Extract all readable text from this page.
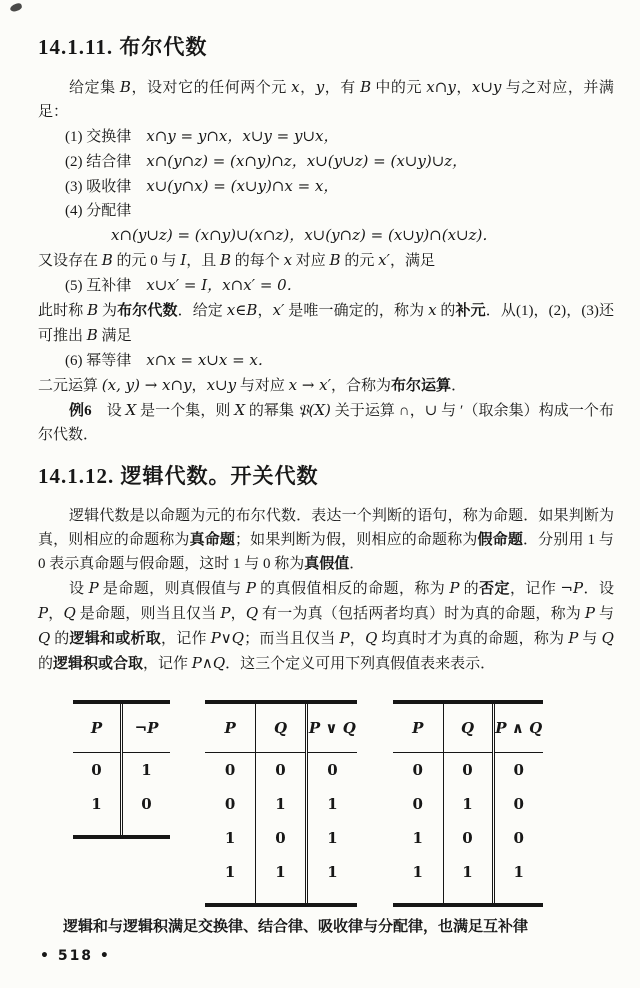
14.1.11. 布尔代数

给定集 B，设对它的任何两个元 x，y，有 B 中的元 x∩y，x∪y 与之对应，并满足：

(1) 交换律　x∩y = y∩x，x∪y = y∪x，

(2) 结合律　x∩(y∩z) = (x∩y)∩z，x∪(y∪z) = (x∪y)∪z，

(3) 吸收律　x∪(y∩x) = (x∪y)∩x = x，

(4) 分配律

x∩(y∪z) = (x∩y)∪(x∩z)，x∪(y∩z) = (x∪y)∩(x∪z)．

又设存在 B 的元 0 与 I，且 B 的每个 x 对应 B 的元 x′，满足

(5) 互补律　x∪x′ = I，x∩x′ = 0．

此时称 B 为布尔代数．给定 x∈B，x′ 是唯一确定的，称为 x 的补元．从(1)，(2)，(3)还可推出 B 满足

(6) 幂等律　x∩x = x∪x = x．

二元运算 (x, y) → x∩y，x∪y 与对应 x → x′，合称为布尔运算．

例6　设 X 是一个集，则 X 的幂集 𝔓(X) 关于运算 ∩，∪ 与 ′（取余集）构成一个布尔代数．

14.1.12. 逻辑代数。开关代数

逻辑代数是以命题为元的布尔代数．表达一个判断的语句，称为命题．如果判断为真，则相应的命题称为真命题；如果判断为假，则相应的命题称为假命题．分别用 1 与 0 表示真命题与假命题，这时 1 与 0 称为真假值．

设 P 是命题，则真假值与 P 的真假值相反的命题，称为 P 的否定，记作 ¬P．设 P，Q 是命题，则当且仅当 P，Q 有一为真（包括两者均真）时为真的命题，称为 P 与 Q 的逻辑和或析取，记作 P∨Q；而当且仅当 P，Q 均真时才为真的命题，称为 P 与 Q 的逻辑积或合取，记作 P∧Q．这三个定义可用下列真假值表来表示．

P	¬P
0	1
1	0
P	Q	P ∨ Q
0	0	0
0	1	1
1	0	1
1	1	1
P	Q	P ∧ Q
0	0	0
0	1	0
1	0	0
1	1	1

逻辑和与逻辑积满足交换律、结合律、吸收律与分配律，也满足互补律

• 518 •
